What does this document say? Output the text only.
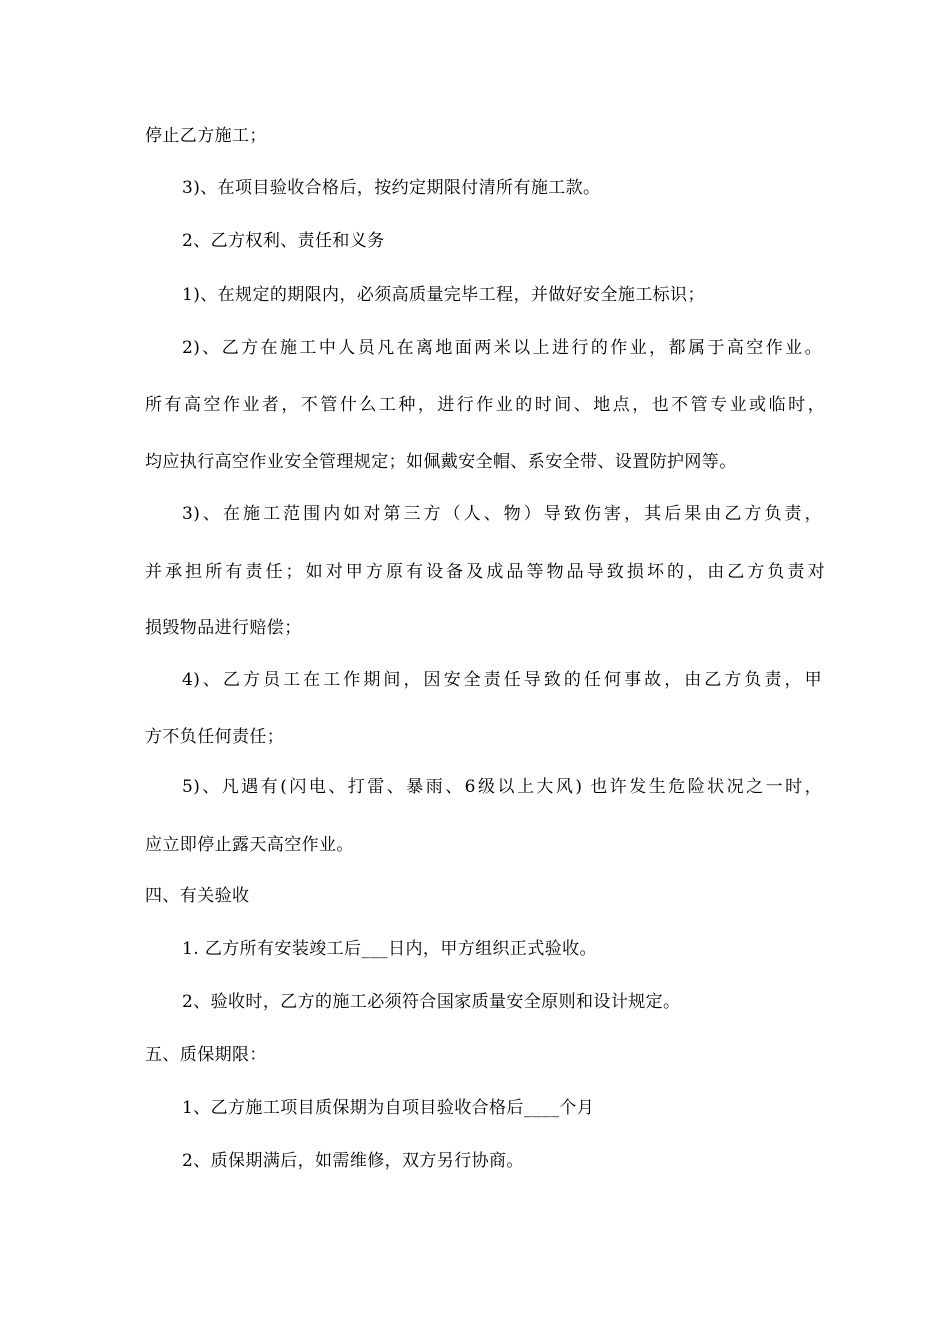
停止乙方施工；
3)、在项目验收合格后，按约定期限付清所有施工款。
2、乙方权利、责任和义务
1)、在规定的期限内，必须高质量完毕工程，并做好安全施工标识；
2)、乙方在施工中人员凡在离地面两米以上进行的作业，都属于高空作业。
所有高空作业者，不管什么工种，进行作业的时间、地点，也不管专业或临时，
均应执行高空作业安全管理规定；如佩戴安全帽、系安全带、设置防护网等。
3)、在施工范围内如对第三方（人、物）导致伤害，其后果由乙方负责，
并承担所有责任；如对甲方原有设备及成品等物品导致损坏的，由乙方负责对
损毁物品进行赔偿；
4)、乙方员工在工作期间，因安全责任导致的任何事故，由乙方负责，甲
方不负任何责任；
5)、凡遇有(闪电、打雷、暴雨、6级以上大风) 也许发生危险状况之一时，
应立即停止露天高空作业。
四、有关验收
1. 乙方所有安装竣工后___日内，甲方组织正式验收。
2、验收时，乙方的施工必须符合国家质量安全原则和设计规定。
五、质保期限：
1、乙方施工项目质保期为自项目验收合格后____个月
2、质保期满后，如需维修，双方另行协商。
